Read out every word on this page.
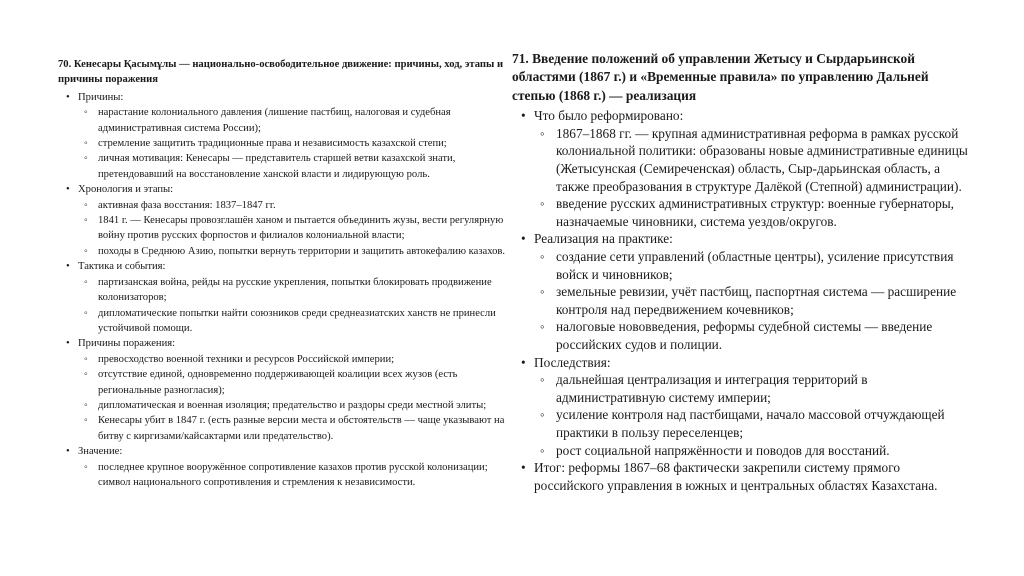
70. Кенесары Қасымұлы — национально-освободительное движение: причины, ход, этапы и причины поражения
• Причины:
◦ нарастание колониального давления (лишение пастбищ, налоговая и судебная административная система России);
◦ стремление защитить традиционные права и независимость казахской степи;
◦ личная мотивация: Кенесары — представитель старшей ветви казахской знати, претендовавший на восстановление ханской власти и лидирующую роль.
• Хронология и этапы:
◦ активная фаза восстания: 1837–1847 гг.
◦ 1841 г. — Кенесары провозглашён ханом и пытается объединить жузы, вести регулярную войну против русских форпостов и филиалов колониальной власти;
◦ походы в Среднюю Азию, попытки вернуть территории и защитить автокефалию казахов.
• Тактика и события:
◦ партизанская война, рейды на русские укрепления, попытки блокировать продвижение колонизаторов;
◦ дипломатические попытки найти союзников среди среднеазиатских ханств не принесли устойчивой помощи.
• Причины поражения:
◦ превосходство военной техники и ресурсов Российской империи;
◦ отсутствие единой, одновременно поддерживающей коалиции всех жузов (есть региональные разногласия);
◦ дипломатическая и военная изоляция; предательство и раздоры среди местной элиты;
◦ Кенесары убит в 1847 г. (есть разные версии места и обстоятельств — чаще указывают на битву с киргизами/кайсактарми или предательство).
• Значение:
◦ последнее крупное вооружённое сопротивление казахов против русской колонизации; символ национального сопротивления и стремления к независимости.
71. Введение положений об управлении Жетысу и Сырдарьинской областями (1867 г.) и «Временные правила» по управлению Дальней степью (1868 г.) — реализация
• Что было реформировано:
◦ 1867–1868 гг. — крупная административная реформа в рамках русской колониальной политики: образованы новые административные единицы (Жетысунская (Семиреченская) область, Сыр-дарьинская область, а также преобразования в структуре Далёкой (Степной) администрации).
◦ введение русских административных структур: военные губернаторы, назначаемые чиновники, система уездов/округов.
• Реализация на практике:
◦ создание сети управлений (областные центры), усиление присутствия войск и чиновников;
◦ земельные ревизии, учёт пастбищ, паспортная система — расширение контроля над передвижением кочевников;
◦ налоговые нововведения, реформы судебной системы — введение российских судов и полиции.
• Последствия:
◦ дальнейшая централизация и интеграция территорий в административную систему империи;
◦ усиление контроля над пастбищами, начало массовой отчуждающей практики в пользу переселенцев;
◦ рост социальной напряжённости и поводов для восстаний.
• Итог: реформы 1867–68 фактически закрепили систему прямого российского управления в южных и центральных областях Казахстана.
